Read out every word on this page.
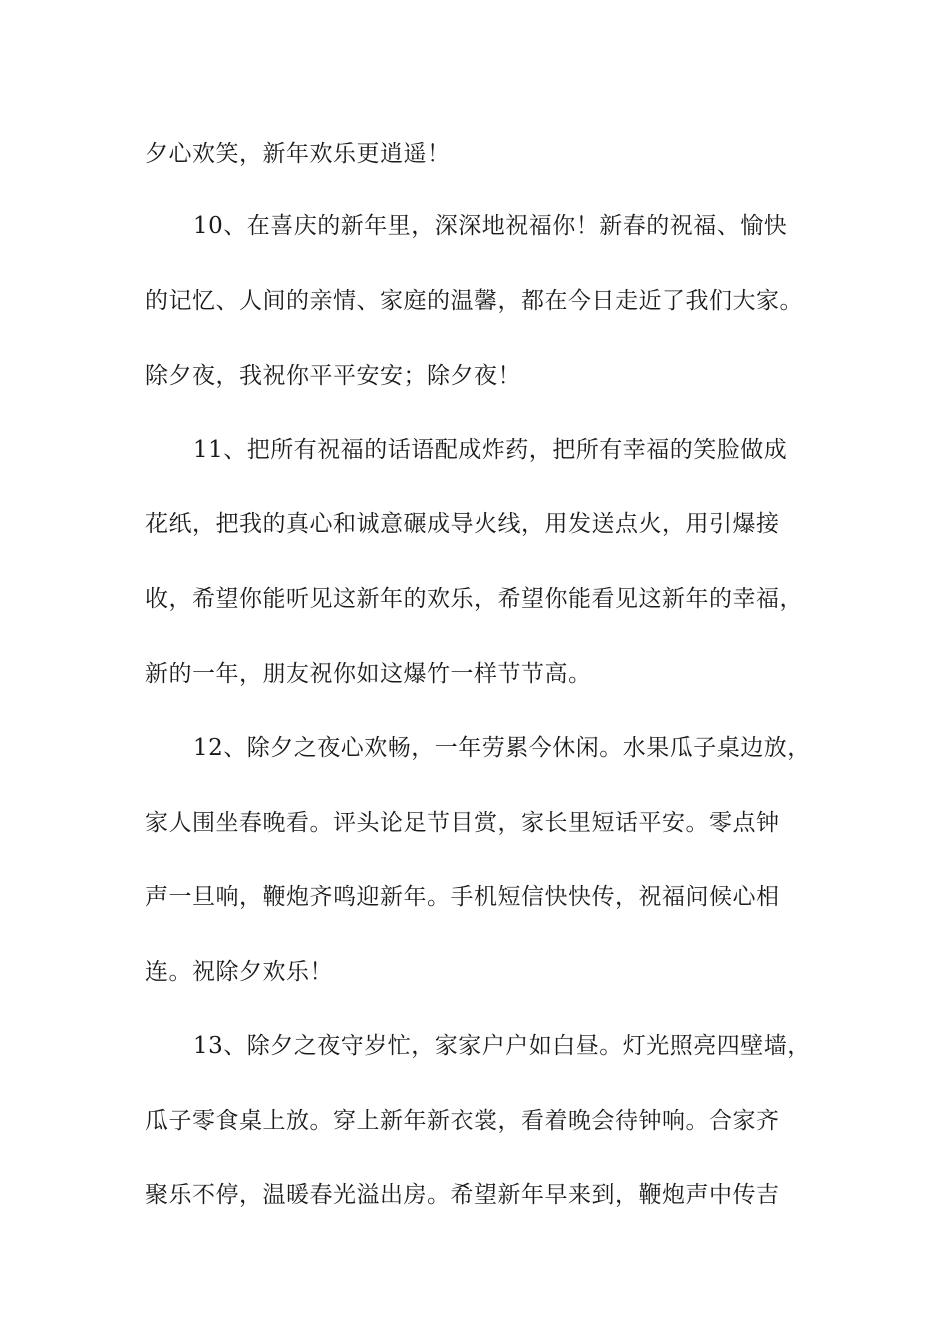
夕心欢笑，新年欢乐更逍遥！
10、在喜庆的新年里，深深地祝福你！新春的祝福、愉快
的记忆、人间的亲情、家庭的温馨，都在今日走近了我们大家。
除夕夜，我祝你平平安安；除夕夜！
11、把所有祝福的话语配成炸药，把所有幸福的笑脸做成
花纸，把我的真心和诚意碾成导火线，用发送点火，用引爆接
收，希望你能听见这新年的欢乐，希望你能看见这新年的幸福，
新的一年，朋友祝你如这爆竹一样节节高。
12、除夕之夜心欢畅，一年劳累今休闲。水果瓜子桌边放，
家人围坐春晚看。评头论足节目赏，家长里短话平安。零点钟
声一旦响，鞭炮齐鸣迎新年。手机短信快快传，祝福问候心相
连。祝除夕欢乐！
13、除夕之夜守岁忙，家家户户如白昼。灯光照亮四壁墙，
瓜子零食桌上放。穿上新年新衣裳，看着晚会待钟响。合家齐
聚乐不停，温暖春光溢出房。希望新年早来到，鞭炮声中传吉
